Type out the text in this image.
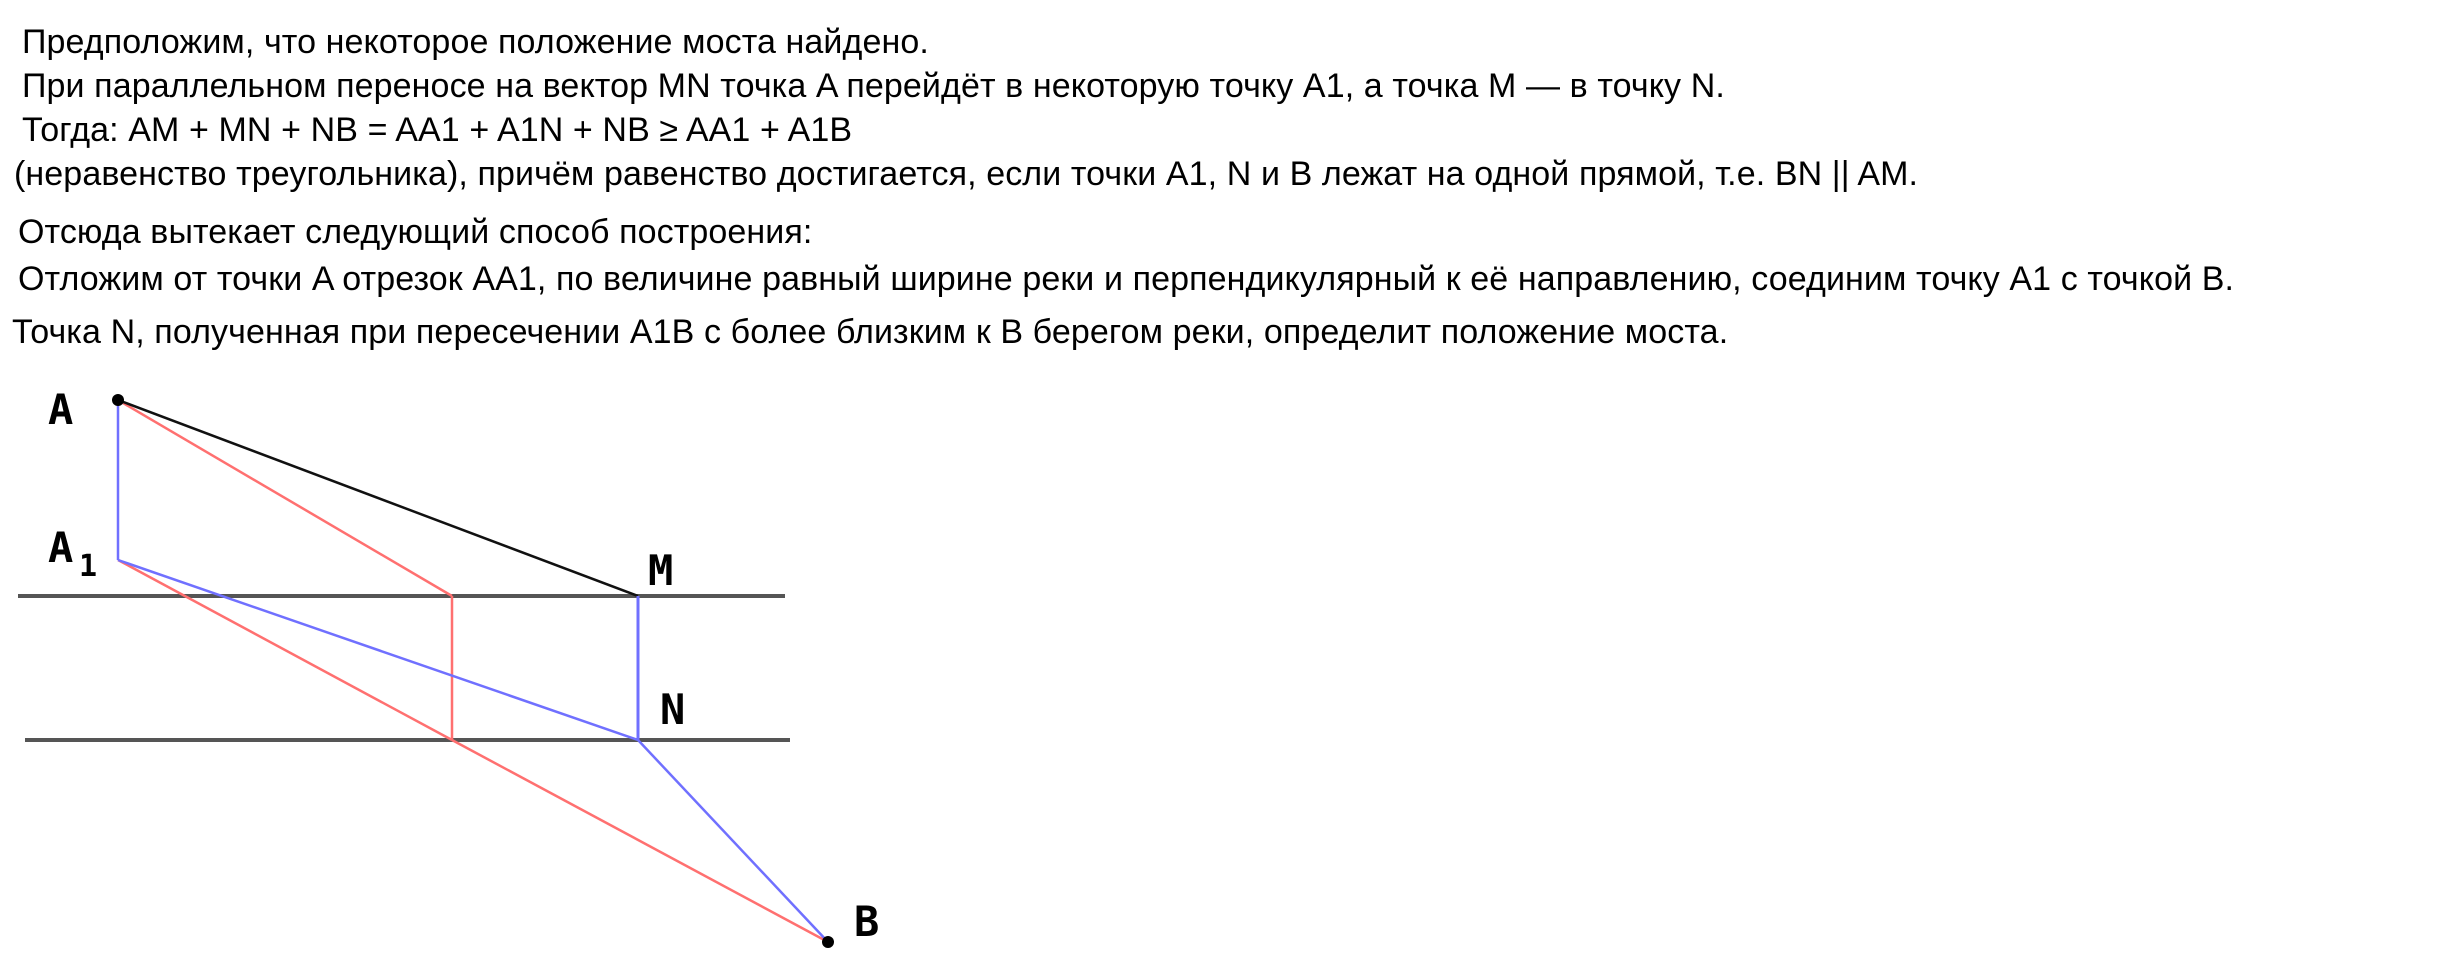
Предположим, что некоторое положение моста найдено.
При параллельном переносе на вектор MN точка A перейдёт в некоторую точку A1, а точка M — в точку N.
Тогда: AM + MN + NB = AA1 + A1N + NB ≥ AA1 + A1B
(неравенство треугольника), причём равенство достигается, если точки A1, N и B лежат на одной прямой, т.е. BN || AM.
Отсюда вытекает следующий способ построения:
Отложим от точки A отрезок AA1, по величине равный ширине реки и перпендикулярный к её направлению, соединим точку A1 с точкой B.
Точка N, полученная при пересечении A1B с более близким к B берегом реки, определит положение моста.
A
A 1	M
N
B
